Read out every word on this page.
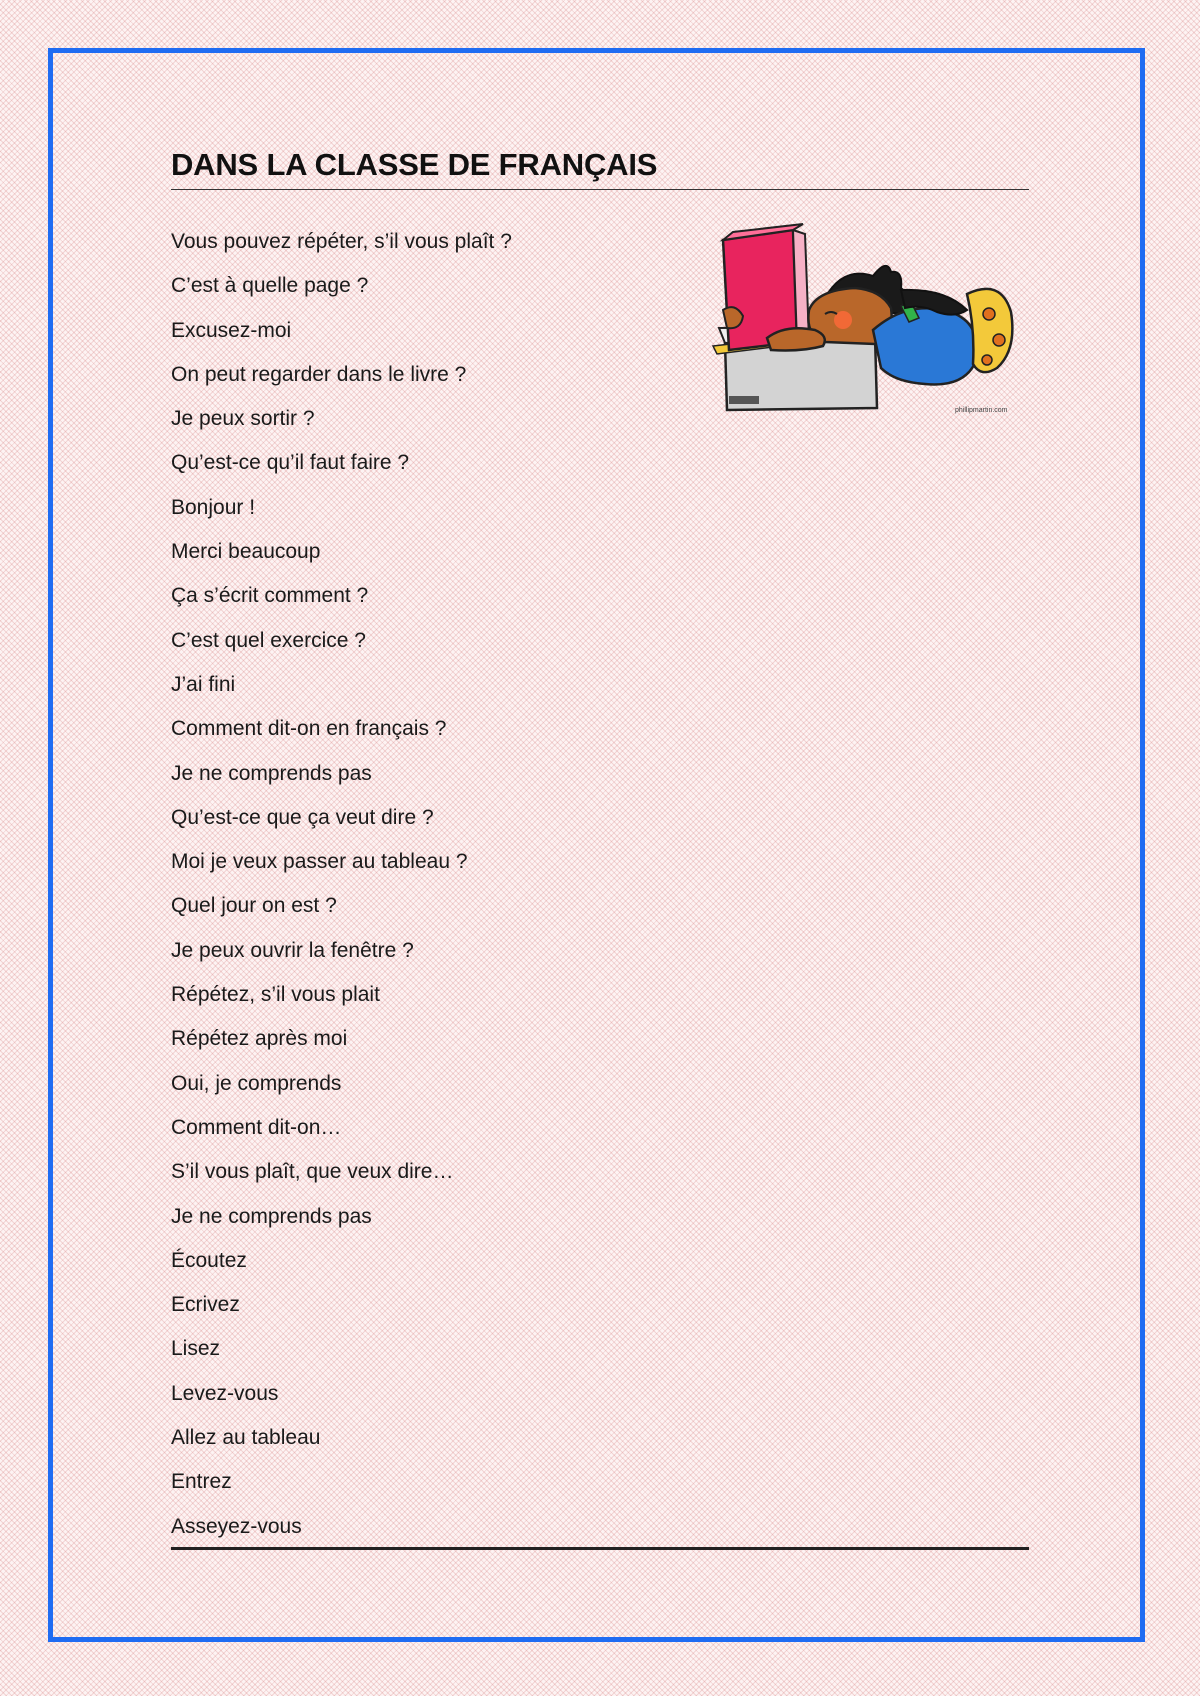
DANS LA CLASSE DE FRANÇAIS
Vous pouvez répéter, s’il vous plaît ?
C’est à quelle page ?
Excusez-moi
On peut regarder dans le livre ?
Je peux sortir ?
Qu’est-ce qu’il faut faire ?
Bonjour !
Merci beaucoup
Ça s’écrit comment ?
C’est quel exercice ?
J’ai fini
Comment dit-on en français ?
Je ne comprends pas
Qu’est-ce que ça veut dire ?
Moi je veux passer au tableau ?
Quel jour on est ?
Je peux ouvrir la fenêtre ?
Répétez, s’il vous plait
Répétez après moi
Oui, je comprends
Comment dit-on…
S’il vous plaît, que veux dire…
Je ne comprends pas
Écoutez
Ecrivez
Lisez
Levez-vous
Allez au tableau
Entrez
Asseyez-vous
phillipmartin.com
